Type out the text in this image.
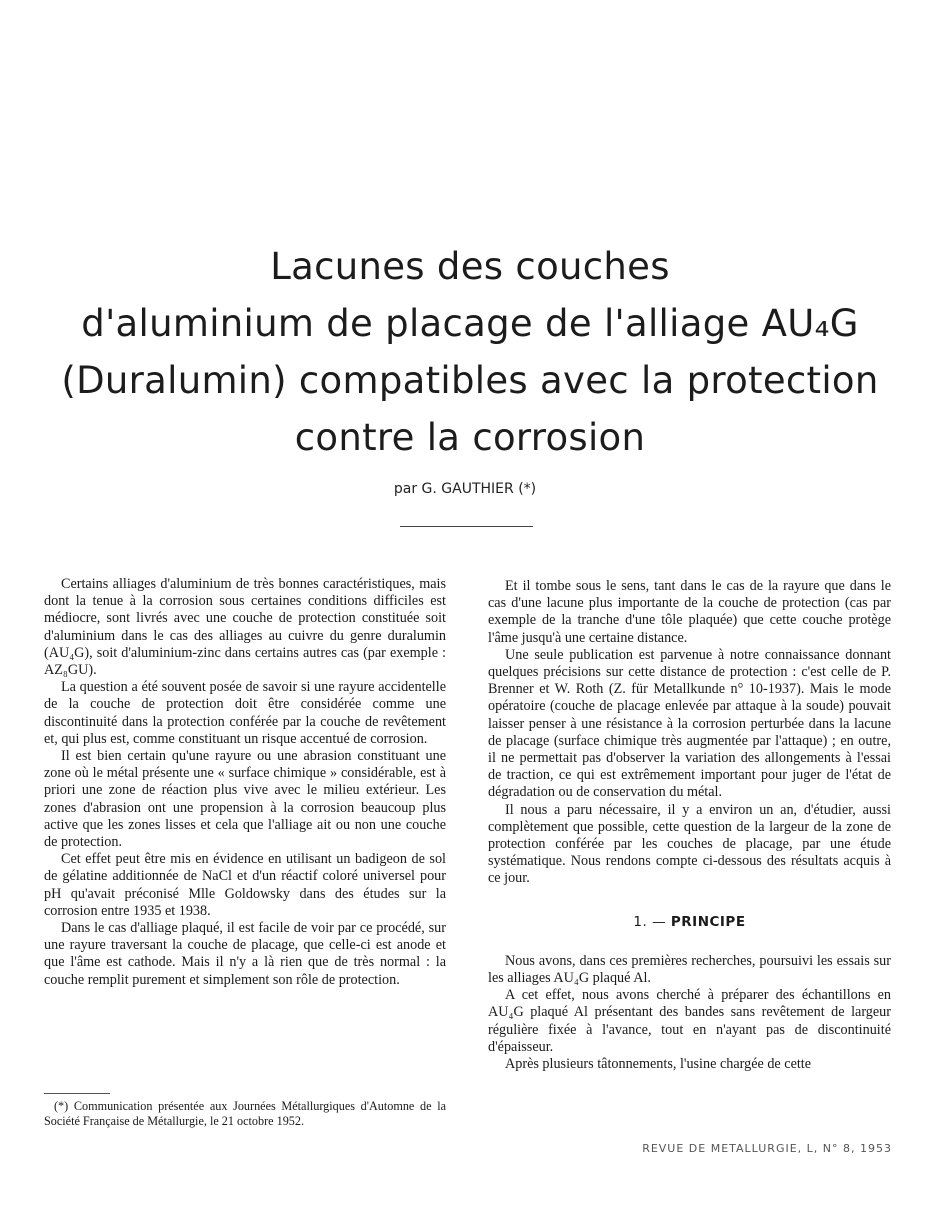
Lacunes des couches
d'aluminium de placage de l'alliage AU₄G
(Duralumin) compatibles avec la protection
contre la corrosion
par G. GAUTHIER (*)

Certains alliages d'aluminium de très bonnes caractéristiques, mais dont la tenue à la corrosion sous certaines conditions difficiles est médiocre, sont livrés avec une couche de protection constituée soit d'aluminium dans le cas des alliages au cuivre du genre duralumin (AU₄G), soit d'aluminium-zinc dans certains autres cas (par exemple : AZ₈GU).

La question a été souvent posée de savoir si une rayure accidentelle de la couche de protection doit être considérée comme une discontinuité dans la protection conférée par la couche de revêtement et, qui plus est, comme constituant un risque accentué de corrosion.

Il est bien certain qu'une rayure ou une abrasion constituant une zone où le métal présente une « surface chimique » considérable, est à priori une zone de réaction plus vive avec le milieu extérieur. Les zones d'abrasion ont une propension à la corrosion beaucoup plus active que les zones lisses et cela que l'alliage ait ou non une couche de protection.

Cet effet peut être mis en évidence en utilisant un badigeon de sol de gélatine additionnée de NaCl et d'un réactif coloré universel pour pH qu'avait préconisé Mlle Goldowsky dans des études sur la corrosion entre 1935 et 1938.

Dans le cas d'alliage plaqué, il est facile de voir par ce procédé, sur une rayure traversant la couche de placage, que celle-ci est anode et que l'âme est cathode. Mais il n'y a là rien que de très normal : la couche remplit purement et simplement son rôle de protection.

(*) Communication présentée aux Journées Métallurgiques d'Automne de la Société Française de Métallurgie, le 21 octobre 1952.

Et il tombe sous le sens, tant dans le cas de la rayure que dans le cas d'une lacune plus importante de la couche de protection (cas par exemple de la tranche d'une tôle plaquée) que cette couche protège l'âme jusqu'à une certaine distance.

Une seule publication est parvenue à notre connaissance donnant quelques précisions sur cette distance de protection : c'est celle de P. Brenner et W. Roth (Z. für Metallkunde n° 10-1937). Mais le mode opératoire (couche de placage enlevée par attaque à la soude) pouvait laisser penser à une résistance à la corrosion perturbée dans la lacune de placage (surface chimique très augmentée par l'attaque) ; en outre, il ne permettait pas d'observer la variation des allongements à l'essai de traction, ce qui est extrêmement important pour juger de l'état de dégradation ou de conservation du métal.

Il nous a paru nécessaire, il y a environ un an, d'étudier, aussi complètement que possible, cette question de la largeur de la zone de protection conférée par les couches de placage, par une étude systématique. Nous rendons compte ci-dessous des résultats acquis à ce jour.

1. — PRINCIPE

Nous avons, dans ces premières recherches, poursuivi les essais sur les alliages AU₄G plaqué Al.

A cet effet, nous avons cherché à préparer des échantillons en AU₄G plaqué Al présentant des bandes sans revêtement de largeur régulière fixée à l'avance, tout en n'ayant pas de discontinuité d'épaisseur.

Après plusieurs tâtonnements, l'usine chargée de cette

REVUE DE METALLURGIE, L, N° 8, 1953
